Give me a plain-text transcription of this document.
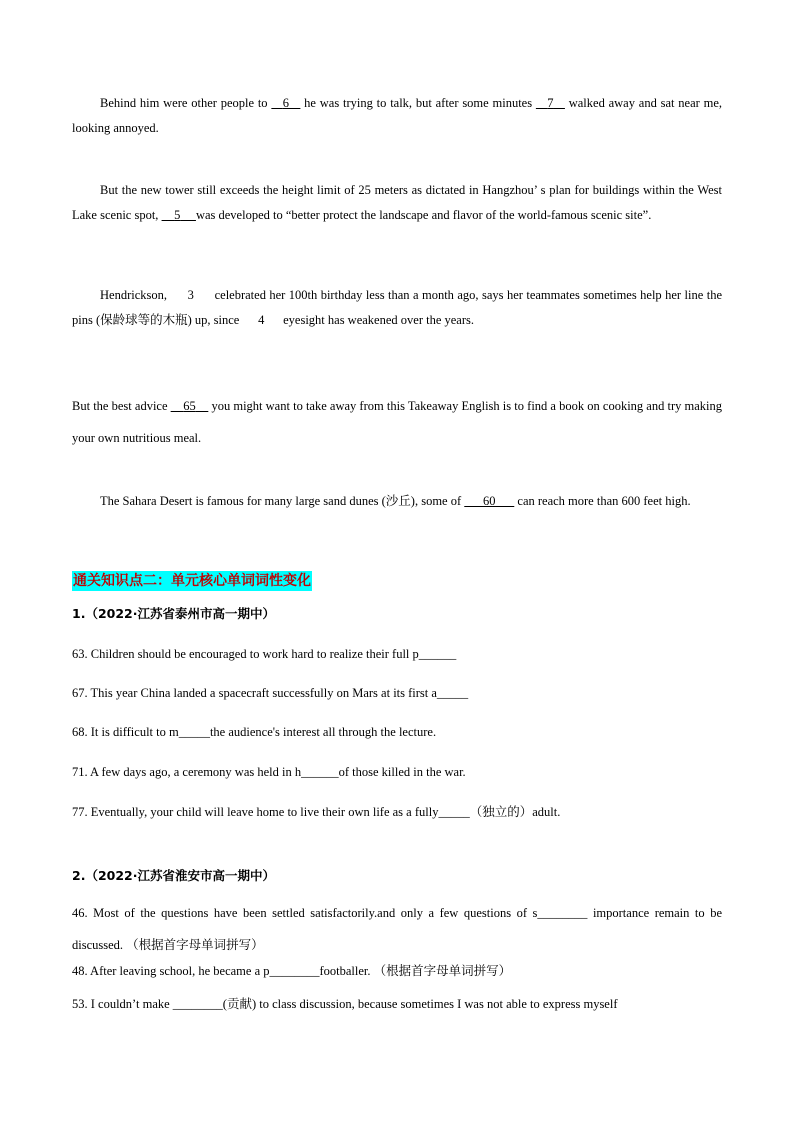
Behind him were other people to    6    he was trying to talk, but after some minutes    7    walked away and sat near me, looking annoyed.
But the new tower still exceeds the height limit of 25 meters as dictated in Hangzhou’ s plan for buildings within the West Lake scenic spot,     5 was developed to “better protect the landscape and flavor of the world-famous scenic site”.
Hendrickson, 3 celebrated her 100th birthday less than a month ago, says her teammates sometimes help her line the pins (保龄球等的木瓶) up, since 4 eyesight has weakened over the years.
But the best advice     65     you might want to take away from this Takeaway English is to find a book on cooking and try making your own nutritious meal.
The Sahara Desert is famous for many large sand dunes (沙丘), some of       60       can reach more than 600 feet high.
通关知识点二：单元核心单词词性变化
1.（2022·江苏省泰州市高一期中）
63. Children should be encouraged to work hard to realize their full p______
67. This year China landed a spacecraft successfully on Mars at its first a_____
68. It is difficult to m_____the audience's interest all through the lecture.
71. A few days ago, a ceremony was held in h______of those killed in the war.
77. Eventually, your child will leave home to live their own life as a fully_____（独立的）adult.
2.（2022·江苏省淮安市高一期中）
46. Most of the questions have been settled satisfactorily.and only a few questions of s________ importance remain to be discussed. （根据首字母单词拼写）
48. After leaving school, he became a p________footballer. （根据首字母单词拼写）
53. I couldn’t make ________(贡献) to class discussion, because sometimes I was not able to express myself
